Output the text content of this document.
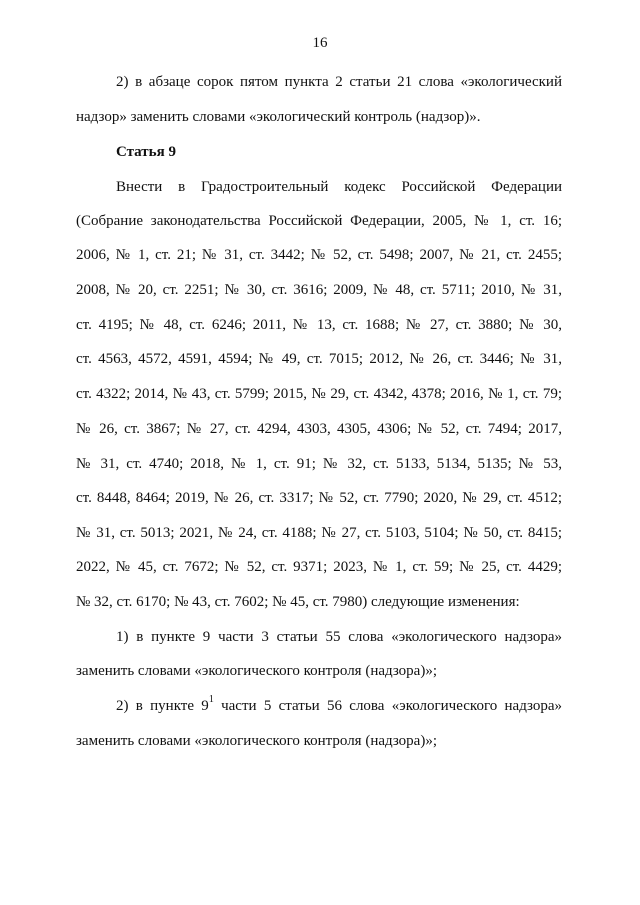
16
2) в абзаце сорок пятом пункта 2 статьи 21 слова «экологический
надзор» заменить словами «экологический контроль (надзор)».
Статья 9
Внести в Градостроительный кодекс Российской Федерации
(Собрание законодательства Российской Федерации, 2005, № 1, ст. 16;
2006, № 1, ст. 21; № 31, ст. 3442; № 52, ст. 5498; 2007, № 21, ст. 2455;
2008, № 20, ст. 2251; № 30, ст. 3616; 2009, № 48, ст. 5711; 2010, № 31,
ст. 4195; № 48, ст. 6246; 2011, № 13, ст. 1688; № 27, ст. 3880; № 30,
ст. 4563, 4572, 4591, 4594; № 49, ст. 7015; 2012, № 26, ст. 3446; № 31,
ст. 4322; 2014, № 43, ст. 5799; 2015, № 29, ст. 4342, 4378; 2016, № 1, ст. 79;
№ 26, ст. 3867; № 27, ст. 4294, 4303, 4305, 4306; № 52, ст. 7494; 2017,
№ 31, ст. 4740; 2018, № 1, ст. 91; № 32, ст. 5133, 5134, 5135; № 53,
ст. 8448, 8464; 2019, № 26, ст. 3317; № 52, ст. 7790; 2020, № 29, ст. 4512;
№ 31, ст. 5013; 2021, № 24, ст. 4188; № 27, ст. 5103, 5104; № 50, ст. 8415;
2022, № 45, ст. 7672; № 52, ст. 9371; 2023, № 1, ст. 59; № 25, ст. 4429;
№ 32, ст. 6170; № 43, ст. 7602; № 45, ст. 7980) следующие изменения:
1) в пункте 9 части 3 статьи 55 слова «экологического надзора»
заменить словами «экологического контроля (надзора)»;
2) в пункте $9^1$ части 5 статьи 56 слова «экологического надзора»
заменить словами «экологического контроля (надзора)»;
